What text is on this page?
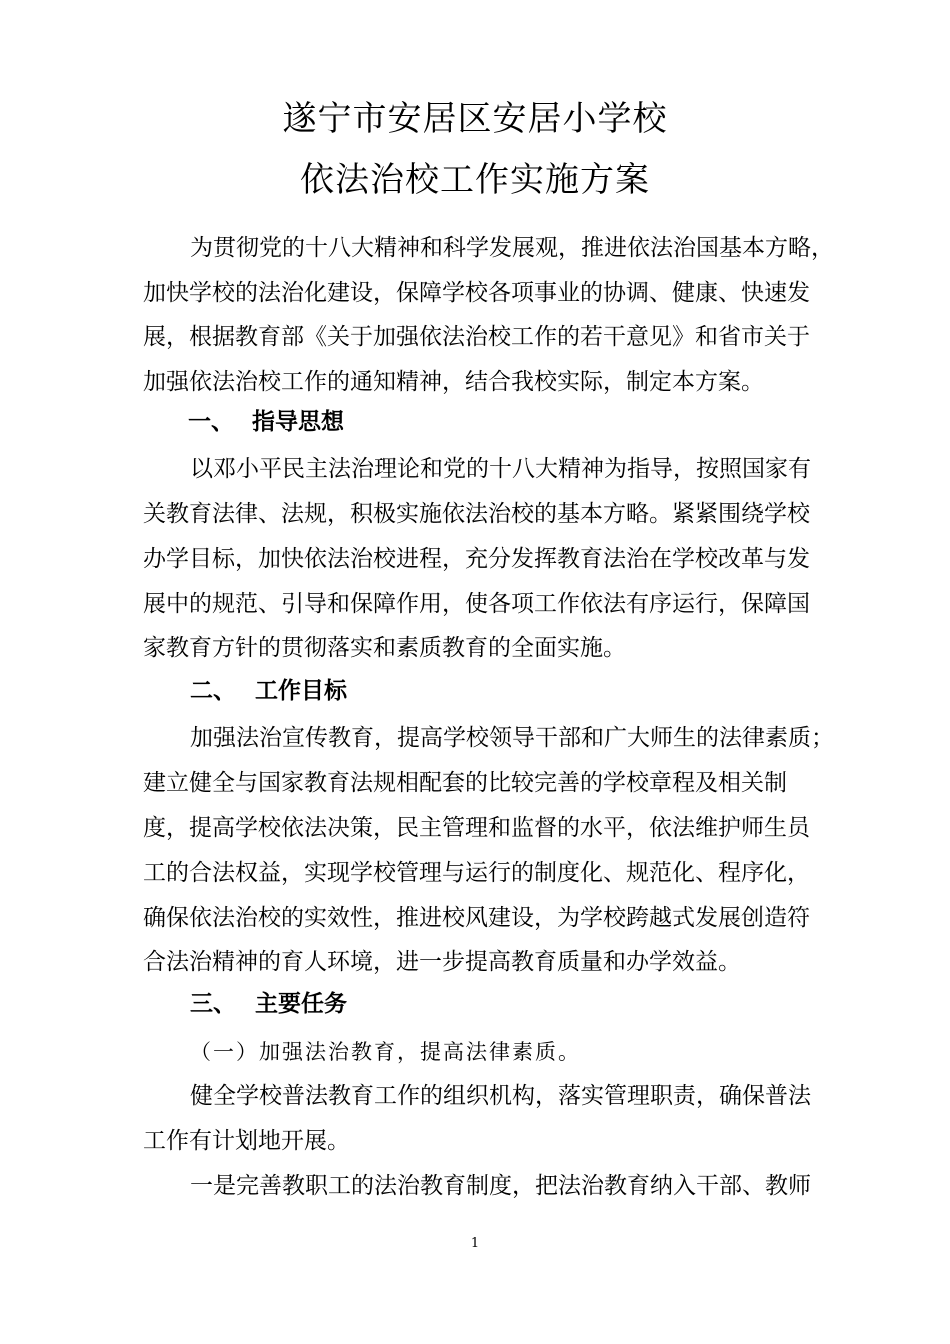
遂宁市安居区安居小学校
依法治校工作实施方案
为贯彻党的十八大精神和科学发展观，推进依法治国基本方略，
加快学校的法治化建设，保障学校各项事业的协调、健康、快速发
展，根据教育部《关于加强依法治校工作的若干意见》和省市关于
加强依法治校工作的通知精神，结合我校实际，制定本方案。
一、 指导思想
以邓小平民主法治理论和党的十八大精神为指导，按照国家有
关教育法律、法规，积极实施依法治校的基本方略。紧紧围绕学校
办学目标，加快依法治校进程，充分发挥教育法治在学校改革与发
展中的规范、引导和保障作用，使各项工作依法有序运行，保障国
家教育方针的贯彻落实和素质教育的全面实施。
二、 工作目标
加强法治宣传教育，提高学校领导干部和广大师生的法律素质；
建立健全与国家教育法规相配套的比较完善的学校章程及相关制
度，提高学校依法决策，民主管理和监督的水平，依法维护师生员
工的合法权益，实现学校管理与运行的制度化、规范化、程序化，
确保依法治校的实效性，推进校风建设，为学校跨越式发展创造符
合法治精神的育人环境，进一步提高教育质量和办学效益。
三、 主要任务
（一）加强法治教育，提高法律素质。
健全学校普法教育工作的组织机构，落实管理职责，确保普法
工作有计划地开展。
一是完善教职工的法治教育制度，把法治教育纳入干部、教师
1
